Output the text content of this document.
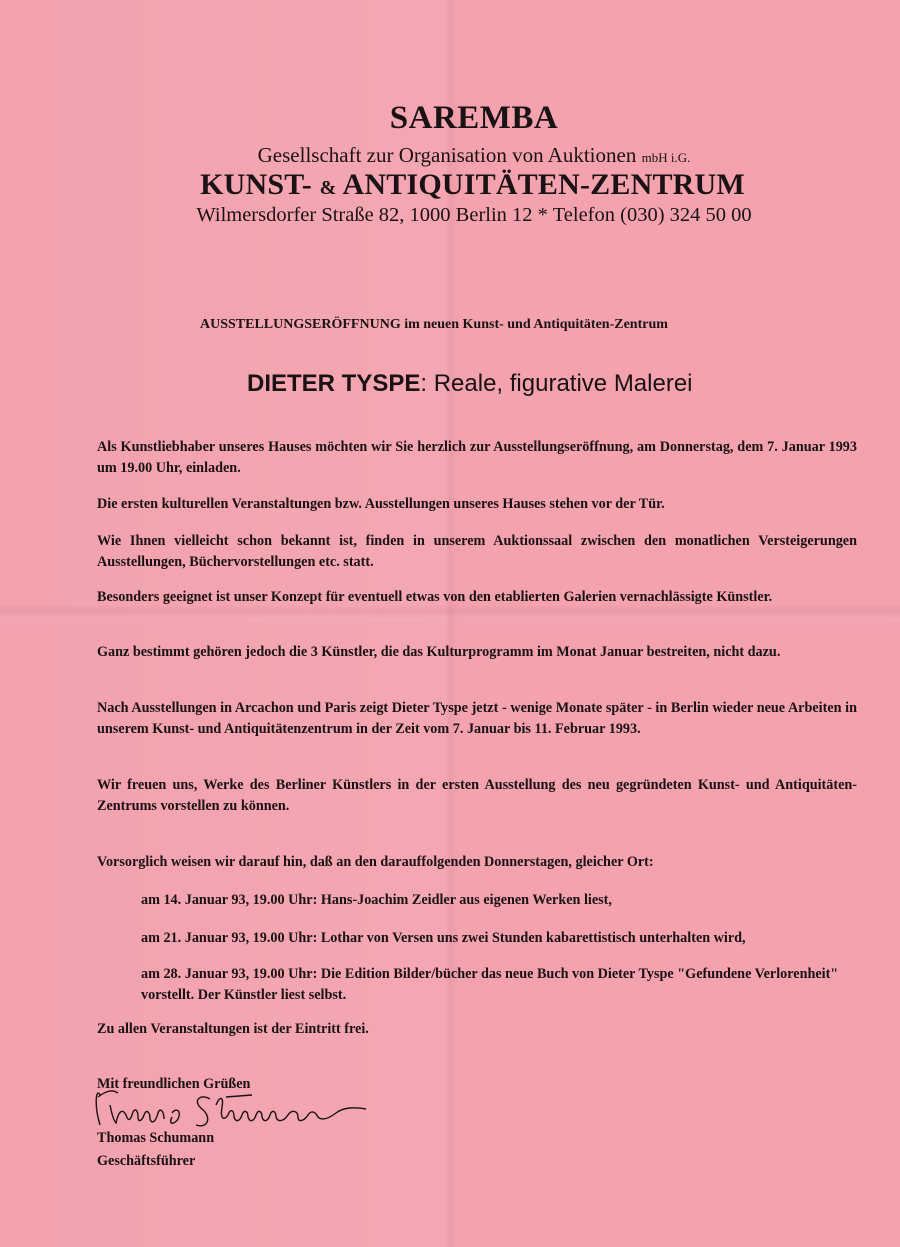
SAREMBA
Gesellschaft zur Organisation von Auktionen mbH i.G.
KUNST- & ANTIQUITÄTEN-ZENTRUM
Wilmersdorfer Straße 82, 1000 Berlin 12 * Telefon (030) 324 50 00
AUSSTELLUNGSERÖFFNUNG im neuen Kunst- und Antiquitäten-Zentrum
DIETER TYSPE: Reale, figurative Malerei
Als Kunstliebhaber unseres Hauses möchten wir Sie herzlich zur Ausstellungseröffnung, am Donnerstag, dem 7. Januar 1993 um 19.00 Uhr, einladen.
Die ersten kulturellen Veranstaltungen bzw. Ausstellungen unseres Hauses stehen vor der Tür.
Wie Ihnen vielleicht schon bekannt ist, finden in unserem Auktionssaal zwischen den monatlichen Versteigerungen Ausstellungen, Büchervorstellungen etc. statt.
Besonders geeignet ist unser Konzept für eventuell etwas von den etablierten Galerien vernachlässigte Künstler.
Ganz bestimmt gehören jedoch die 3 Künstler, die das Kulturprogramm im Monat Januar bestreiten, nicht dazu.
Nach Ausstellungen in Arcachon und Paris zeigt Dieter Tyspe jetzt - wenige Monate später - in Berlin wieder neue Arbeiten in unserem Kunst- und Antiquitätenzentrum in der Zeit vom 7. Januar bis 11. Februar 1993.
Wir freuen uns, Werke des Berliner Künstlers in der ersten Ausstellung des neu gegründeten Kunst- und Antiquitäten-Zentrums vorstellen zu können.
Vorsorglich weisen wir darauf hin, daß an den darauffolgenden Donnerstagen, gleicher Ort:
am 14. Januar 93, 19.00 Uhr: Hans-Joachim Zeidler aus eigenen Werken liest,
am 21. Januar 93, 19.00 Uhr: Lothar von Versen uns zwei Stunden kabarettistisch unterhalten wird,
am 28. Januar 93, 19.00 Uhr: Die Edition Bilder/bücher das neue Buch von Dieter Tyspe "Gefundene Verlorenheit" vorstellt. Der Künstler liest selbst.
Zu allen Veranstaltungen ist der Eintritt frei.
Mit freundlichen Grüßen
Thomas Schumann
Geschäftsführer
